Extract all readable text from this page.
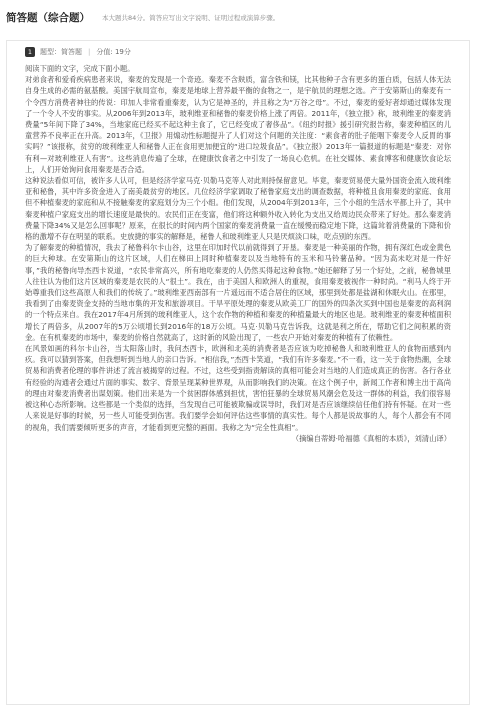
简答题（综合题） 本大题共84分。简答应写出文字说明、证明过程或演算步骤。
1	题型：简答题 | 分值: 19分

阅读下面的文字，完成下面小题。

对弟食者和爱肴疾病患者来说，秦麦的发现是一个奇迹。秦麦不含麸质，富含铁和镁，比其他种子含有更多的蛋白质，包括人体无法自身生成的必需的氨基酸。美国宇航局宣布，秦麦是地球上营养最平衡的食物之一，是宇航员的理想之选。产于安第斯山的秦麦有一个令西方消费者神往的传说：印加人非常看重秦麦，认为它是神圣的，并且称之为“万谷之母”。不过，秦麦的爱好者却通过媒体发现了一个令人不安的事实。从2006年到2013年，玻利维亚和秘鲁的秦麦价格上涨了两倍。2011年，《独立报》称，玻利维亚的秦麦消费量“5年间下降了34%，当地家庭已经买不起这种主食了，它已经变成了奢侈品”。《纽约时报》援引研究报告称，秦麦种植区的儿童营养不良率正在升高。2013年，《卫报》用煽动性标题提升了人们对这个问题的关注度：“素食者的肚子能咽下秦麦令人反胃的事实吗？”该报称，贫穷的玻利维亚人和秘鲁人正在食用更加便宜的“进口垃圾食品”。《独立报》2013年一篇报道的标题是“秦麦：对你有利—对玻利维亚人有害”。这些消息传遍了全球，在健康饮食者之中引发了一场良心危机。在社交媒体、素食博客和健康饮食论坛上，人们开始询问食用秦麦是否合适。

这种说法看似可信，被许多人认可，但是经济学家马克·贝勒马克等人对此则持保留意见。毕竟，秦麦贸易使大量外国资金流入玻利维亚和秘鲁，其中许多资金进入了南美最贫穷的地区。几位经济学家调取了秘鲁家庭支出的调查数据，将种植且食用秦麦的家庭、食用但不种植秦麦的家庭和从不接触秦麦的家庭划分为三个小组。他们发现，从2004年到2013年，三个小组的生活水平都上升了，其中秦麦种植户家庭支出的增长速度是最快的。农民们正在变富，他们将这种额外收入转化为支出又给周边民众带来了好处。那么秦麦消费量下降34%又是怎么回事呢？原来，在很长的时间内两个国家的秦麦消费量一直在缓慢而稳定地下降，这篇耸着消费量的下降和价格的激增不存在明显的联系。史放捷的事实的解释是，秘鲁人和玻利维亚人只是厌烦淡口味，吃点别的东西。

为了解秦麦的种植情况，我去了秘鲁科尔卡山谷，这里在印加时代以前就得到了开垦。秦麦是一种美丽的作物，拥有深红色或金黄色的巨大种球。在安第斯山的这片区域，人们在梯田上同时种植秦麦以及当地特有的玉米和马铃薯品种。“因为高未吃对是一件好事，”我的秘鲁向导杰西卡说道，“农民非常高兴，所有地吃秦麦的人仍然买得起这种食物。”她还解释了另一个好处，之前，秘鲁城里人往往认为他们这片区域的秦麦是农民的人“很土”。我在，由于美国人和欧洲人的重视，食用秦麦被视作一种时尚。“利马人终于开始尊重我们这些高原人和我们的传统了。”玻利维亚西南部有一片遥远而不适合居住的区域，那里到处都是盐湖和休眠火山。在那里，我看到了由秦麦资金支持的当地市集的开发和旅游项目。干旱平原处理的秦麦从欧美工厂的国外的四条次买到中国也是秦麦的高利润的一个特点来自。我在2017年4月所到的玻利维亚人，这个农作物的种植和秦麦的种植量最大的地区也是。玻利维亚的秦麦种植面积增长了两倍多，从2007年的5万公顷增长到2016年的18万公顷。马克·贝勒马克告诉我，这就是利之所在，帮助它们之间积累的资金。在有机秦麦的市场中，秦麦的价格自然就高了，这时新的风险出现了，一些农户开始对秦麦的种植有了依赖性。

在风景如画的科尔卡山谷，当太阳落山时，我问杰西卡，欧洲和北美的消费者是否应该为吃掉秘鲁人和玻利维亚人的食物而感到内疚。我可以猜到答案，但我想听到当地人的亲口告诉。“相信我，”杰西卡笑道，“我们有许多秦麦。”不一看，这一关于食物热潮，全球贸易和消费者伦理的事件讲述了流言被揭穿的过程。不过，这些受到指责解读的真相可能会对当地的人们造成真正的伤害。各行各业有经验的沟通者会通过片面的事实、数字、背景呈现某种世界观，从而影响我们的决策。在这个例子中，新闻工作者和博主出于高尚的理由对秦麦消费者出谋划策。他们出来是为一个贫困群体感到担忧，害怕狂暴的全球贸易风潮会危及这一群体的利益，我们很容易被这种心态所影响。这些都是一个类似的选择，当发现自己可能被欺骗或误导时，我们对是否应该继续信任他们持有怀疑。在对一些人来说是好事的时候，另一些人可能受到伤害。我们要学会如何评估这些事情的真实性。每个人都是说故事的人，每个人都会有不同的视角，我们需要倾听更多的声音，才能看到更完整的画面。我称之为“完全性真相”。

（摘编自蒂姆·哈福德《真相的本质》，刘清山译）
